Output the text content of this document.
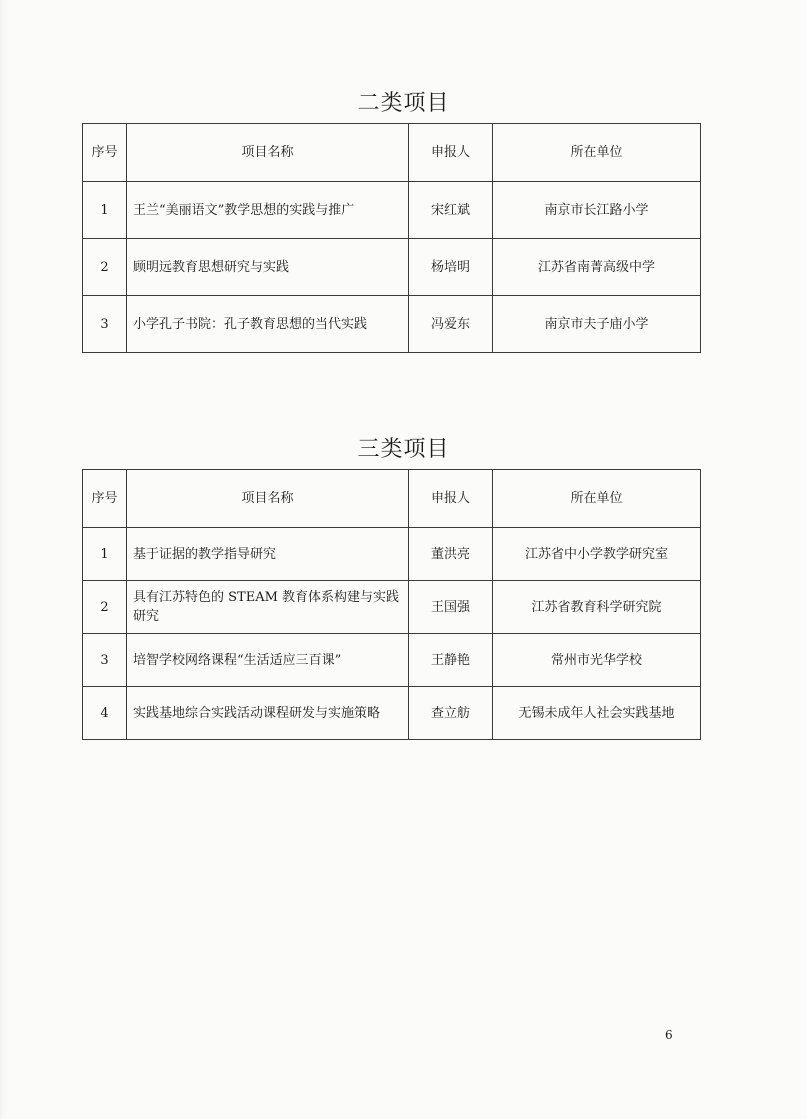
二类项目
序号	项目名称	申报人	所在单位
1	王兰“美丽语文”教学思想的实践与推广	宋红斌	南京市长江路小学
2	顾明远教育思想研究与实践	杨培明	江苏省南菁高级中学
3	小学孔子书院：孔子教育思想的当代实践	冯爱东	南京市夫子庙小学
三类项目
序号	项目名称	申报人	所在单位
1	基于证据的教学指导研究	董洪亮	江苏省中小学教学研究室
2	具有江苏特色的 STEAM 教育体系构建与实践研究	王国强	江苏省教育科学研究院
3	培智学校网络课程“生活适应三百课”	王静艳	常州市光华学校
4	实践基地综合实践活动课程研发与实施策略	查立舫	无锡未成年人社会实践基地
6
